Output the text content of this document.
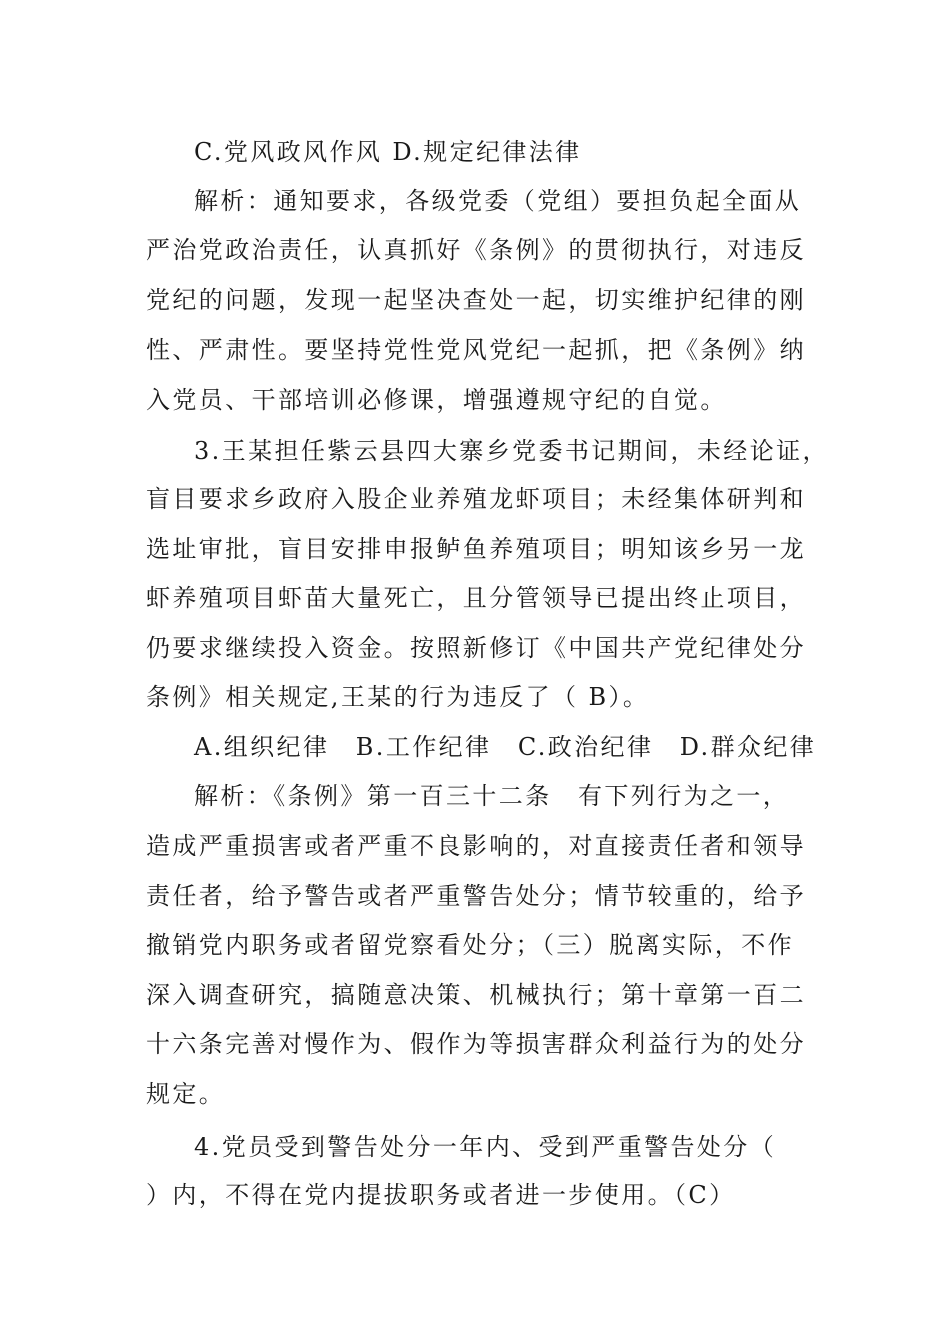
C.党风政风作风 D.规定纪律法律
解析：通知要求，各级党委（党组）要担负起全面从
严治党政治责任，认真抓好《条例》的贯彻执行，对违反
党纪的问题，发现一起坚决查处一起，切实维护纪律的刚
性、严肃性。要坚持党性党风党纪一起抓，把《条例》纳
入党员、干部培训必修课，增强遵规守纪的自觉。
3.王某担任紫云县四大寨乡党委书记期间，未经论证，
盲目要求乡政府入股企业养殖龙虾项目；未经集体研判和
选址审批，盲目安排申报鲈鱼养殖项目；明知该乡另一龙
虾养殖项目虾苗大量死亡，且分管领导已提出终止项目，
仍要求继续投入资金。按照新修订《中国共产党纪律处分
条例》相关规定,王某的行为违反了（ B）。
A.组织纪律　B.工作纪律　C.政治纪律　D.群众纪律
解析：《条例》第一百三十二条　有下列行为之一，
造成严重损害或者严重不良影响的，对直接责任者和领导
责任者，给予警告或者严重警告处分；情节较重的，给予
撤销党内职务或者留党察看处分；（三）脱离实际，不作
深入调查研究，搞随意决策、机械执行；第十章第一百二
十六条完善对慢作为、假作为等损害群众利益行为的处分
规定。
4.党员受到警告处分一年内、受到严重警告处分（
）内，不得在党内提拔职务或者进一步使用。（C）
